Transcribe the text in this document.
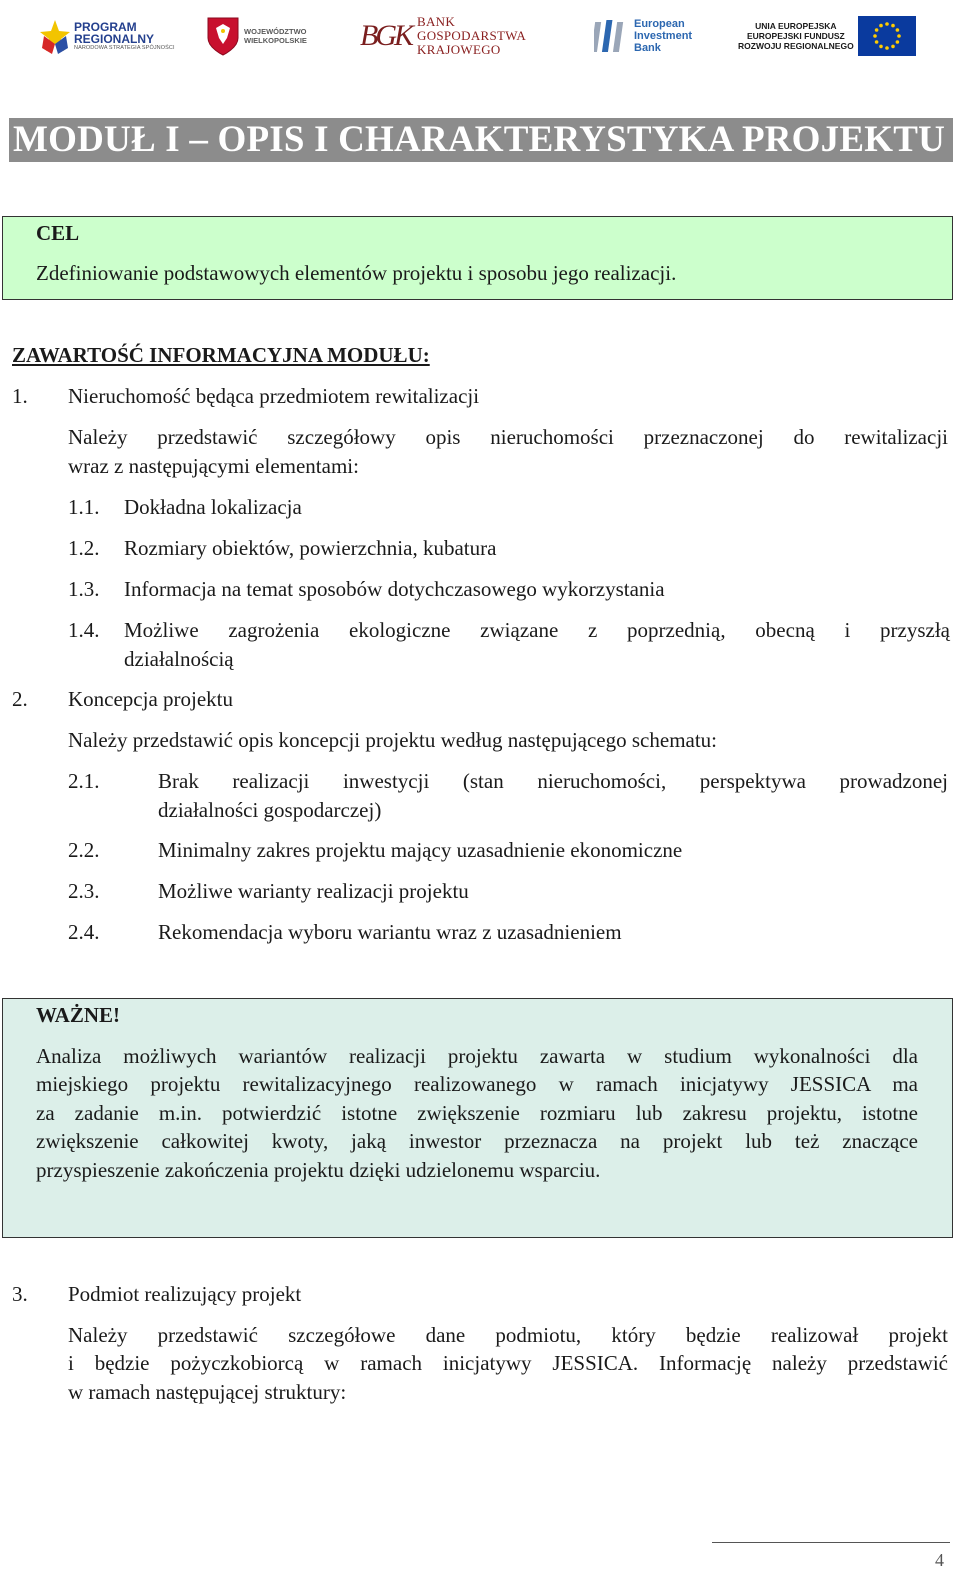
PROGRAM
REGIONALNY
NARODOWA STRATEGIA SPÓJNOŚCI
WOJEWÓDZTWO
WIELKOPOLSKIE BGK BANK
GOSPODARSTWA
KRAJOWEGO
European
Investment
Bank
UNIA EUROPEJSKA
EUROPEJSKI FUNDUSZ
ROZWOJU REGIONALNEGO
MODUŁ I – OPIS I CHARAKTERYSTYKA PROJEKTU
CEL
Zdefiniowanie podstawowych elementów projektu i sposobu jego realizacji.
ZAWARTOŚĆ INFORMACYJNA MODUŁU:
1. Nieruchomość będąca przedmiotem rewitalizacji
Należy przedstawić szczegółowy opis nieruchomości przeznaczonej do rewitalizacji
wraz z następującymi elementami:
1.1. Dokładna lokalizacja
1.2. Rozmiary obiektów, powierzchnia, kubatura
1.3. Informacja na temat sposobów dotychczasowego wykorzystania
1.4. Możliwe zagrożenia ekologiczne związane z poprzednią, obecną i przyszłą
działalnością
2. Koncepcja projektu
Należy przedstawić opis koncepcji projektu według następującego schematu:
2.1.	Brak realizacji inwestycji (stan nieruchomości, perspektywa prowadzonej
działalności gospodarczej)
2.2.	Minimalny zakres projektu mający uzasadnienie ekonomiczne
2.3.	Możliwe warianty realizacji projektu
2.4.	Rekomendacja wyboru wariantu wraz z uzasadnieniem
WAŻNE!
Analiza możliwych wariantów realizacji projektu zawarta w studium wykonalności dla
miejskiego projektu rewitalizacyjnego realizowanego w ramach inicjatywy JESSICA ma
za zadanie m.in. potwierdzić istotne zwiększenie rozmiaru lub zakresu projektu, istotne
zwiększenie całkowitej kwoty, jaką inwestor przeznacza na projekt lub też znaczące
przyspieszenie zakończenia projektu dzięki udzielonemu wsparciu.
3. Podmiot realizujący projekt
Należy przedstawić szczegółowe dane podmiotu, który będzie realizował projekt
i będzie pożyczkobiorcą w ramach inicjatywy JESSICA. Informację należy przedstawić
w ramach następującej struktury:
4
